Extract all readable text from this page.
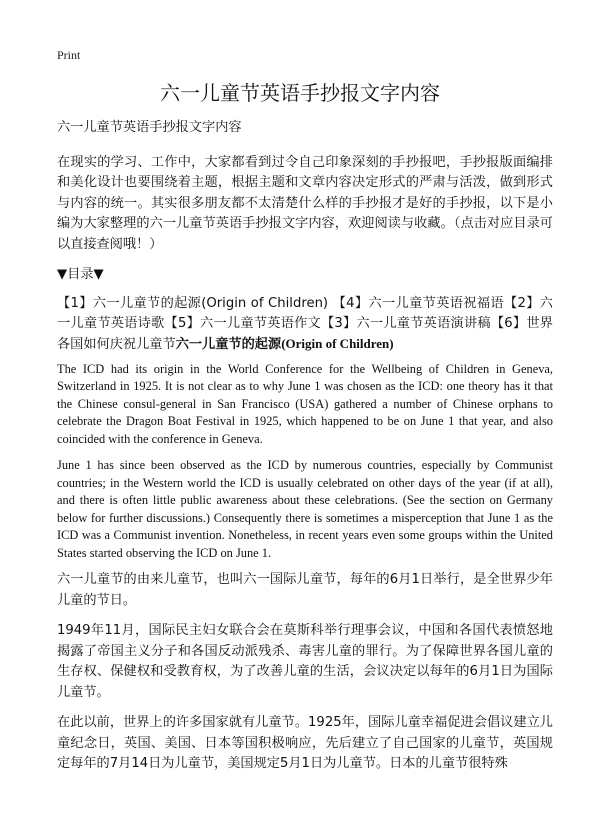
Print
六一儿童节英语手抄报文字内容

六一儿童节英语手抄报文字内容

在现实的学习、工作中，大家都看到过令自己印象深刻的手抄报吧，手抄报版面编排和美化设计也要围绕着主题，根据主题和文章内容决定形式的严肃与活泼，做到形式与内容的统一。其实很多朋友都不太清楚什么样的手抄报才是好的手抄报，以下是小编为大家整理的六一儿童节英语手抄报文字内容，欢迎阅读与收藏。（点击对应目录可以直接查阅哦！）

▼目录▼

【1】六一儿童节的起源(Origin of Children) 【4】六一儿童节英语祝福语【2】六一儿童节英语诗歌【5】六一儿童节英语作文【3】六一儿童节英语演讲稿【6】世界各国如何庆祝儿童节六一儿童节的起源(Origin of Children)

The ICD had its origin in the World Conference for the Wellbeing of Children in Geneva, Switzerland in 1925. It is not clear as to why June 1 was chosen as the ICD: one theory has it that the Chinese consul-general in San Francisco (USA) gathered a number of Chinese orphans to celebrate the Dragon Boat Festival in 1925, which happened to be on June 1 that year, and also coincided with the conference in Geneva.

June 1 has since been observed as the ICD by numerous countries, especially by Communist countries; in the Western world the ICD is usually celebrated on other days of the year (if at all), and there is often little public awareness about these celebrations. (See the section on Germany below for further discussions.) Consequently there is sometimes a misperception that June 1 as the ICD was a Communist invention. Nonetheless, in recent years even some groups within the United States started observing the ICD on June 1.

六一儿童节的由来儿童节，也叫六一国际儿童节，每年的6月1日举行，是全世界少年儿童的节日。

1949年11月，国际民主妇女联合会在莫斯科举行理事会议，中国和各国代表愤怒地揭露了帝国主义分子和各国反动派残杀、毒害儿童的罪行。为了保障世界各国儿童的生存权、保健权和受教育权，为了改善儿童的生活，会议决定以每年的6月1日为国际儿童节。

在此以前，世界上的许多国家就有儿童节。1925年，国际儿童幸福促进会倡议建立儿童纪念日，英国、美国、日本等国积极响应，先后建立了自己国家的儿童节，英国规定每年的7月14日为儿童节，美国规定5月1日为儿童节。日本的儿童节很特殊
